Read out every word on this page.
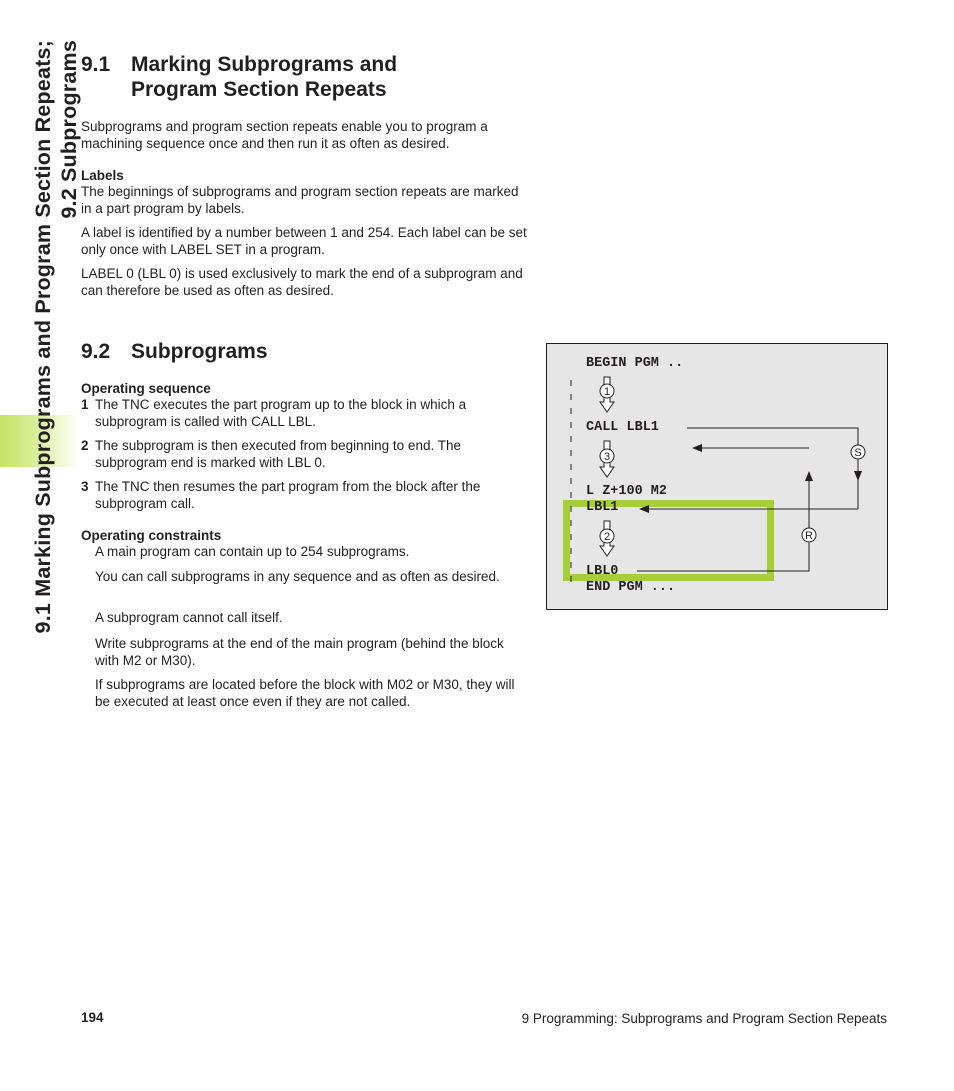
9.1 Marking Subprograms and Program Section Repeats; 9.2 Subprograms 9.1 Marking Subprograms and
Program Section Repeats
Subprograms and program section repeats enable you to program a machining sequence once and then run it as often as desired.
Labels
The beginnings of subprograms and program section repeats are marked in a part program by labels.
A label is identified by a number between 1 and 254. Each label can be set only once with LABEL SET in a program.
LABEL 0 (LBL 0) is used exclusively to mark the end of a subprogram and can therefore be used as often as desired.
9.2 Subprograms
Operating sequence
1 The TNC executes the part program up to the block in which a subprogram is called with CALL LBL.
2 The subprogram is then executed from beginning to end. The subprogram end is marked with LBL 0.
3 The TNC then resumes the part program from the block after the subprogram call.
Operating constraints
A main program can contain up to 254 subprograms.
You can call subprograms in any sequence and as often as desired.
A subprogram cannot call itself.
Write subprograms at the end of the main program (behind the block with M2 or M30).
If subprograms are located before the block with M02 or M30, they will be executed at least once even if they are not called.
1
3
2
S
R
BEGIN PGM ..
CALL LBL1
L Z+100 M2
LBL1
LBL0
END PGM ...
194	9 Programming: Subprograms and Program Section Repeats
